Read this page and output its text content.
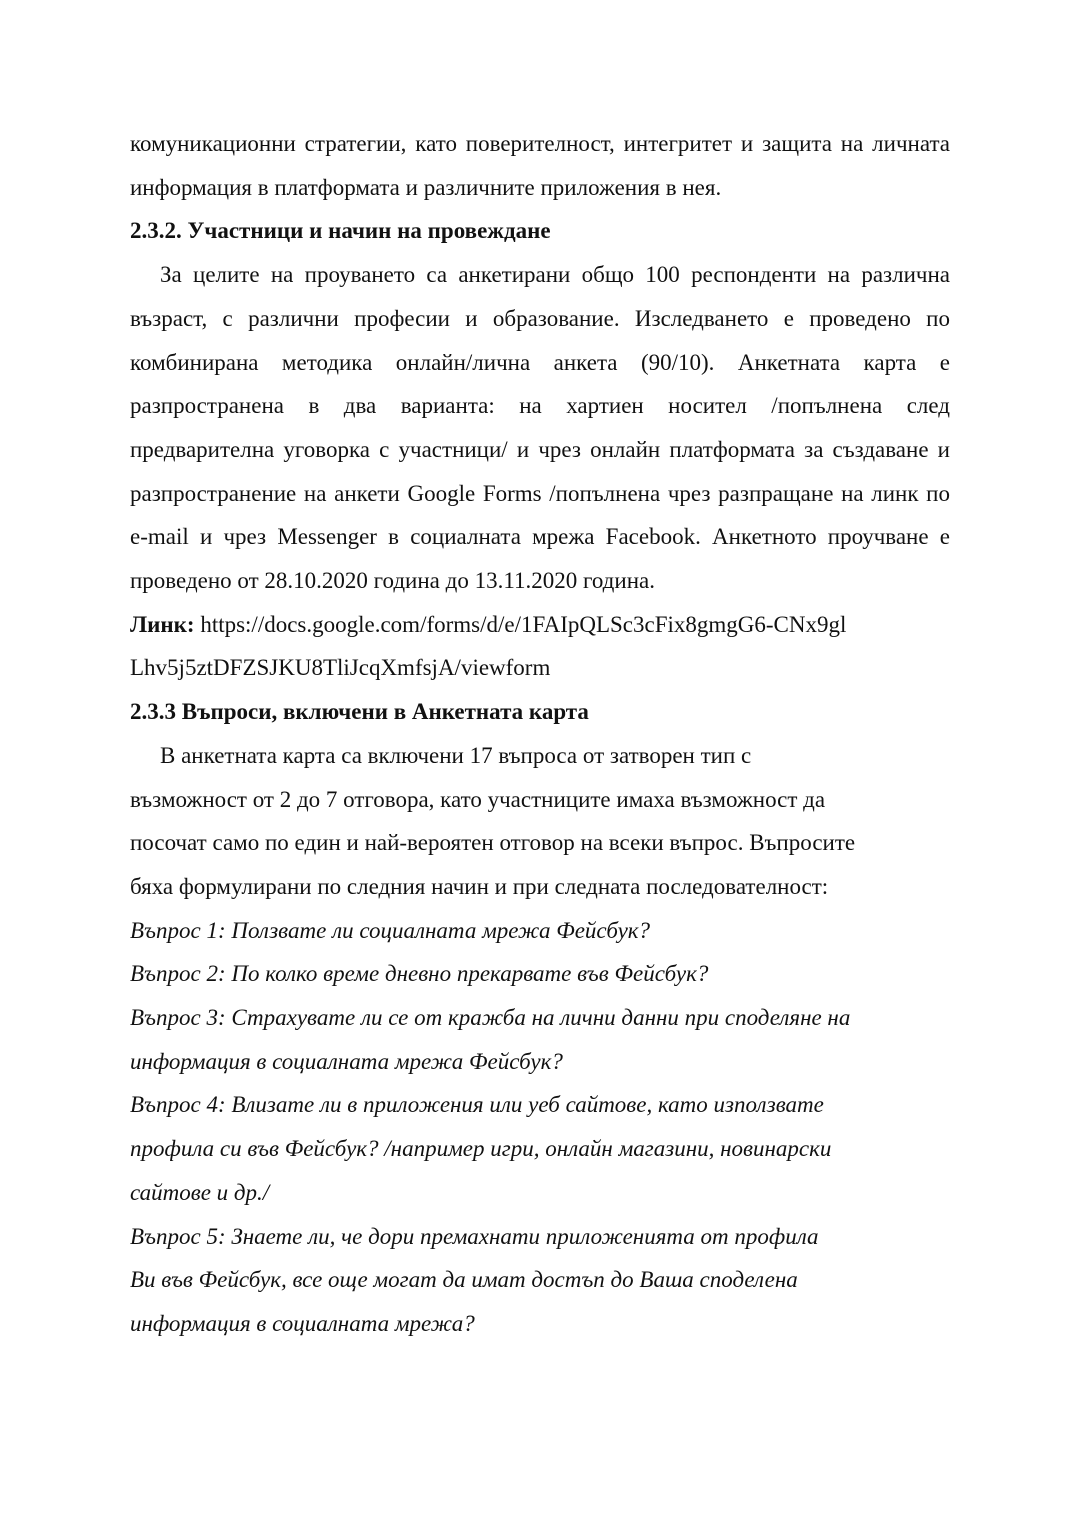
комуникационни стратегии, като поверителност, интегритет и защита на личната информация в платформата и различните приложения в нея.

2.3.2. Участници и начин на провеждане

За целите на проуването са анкетирани общо 100 респонденти на различна възраст, с различни професии и образование. Изследването е проведено по комбинирана методика онлайн/лична анкета (90/10). Анкетната карта е разпространена в два варианта: на хартиен носител /попълнена след предварителна уговорка с участници/ и чрез онлайн платформата за създаване и разпространение на анкети Google Forms /попълнена чрез разпращане на линк по e-mail и чрез Messenger в социалната мрежа Facebook. Анкетното проучване е проведено от 28.10.2020 година до 13.11.2020 година.

Линк: https://docs.google.com/forms/d/e/1FAIpQLSc3cFix8gmgG6-CNx9gl
Lhv5j5ztDFZSJKU8TliJcqXmfsjA/viewform
2.3.3 Въпроси, включени в Анкетната карта
В анкетната карта са включени 17 въпроса от затворен тип с
възможност от 2 до 7 отговора, като участниците имаха възможност да
посочат само по един и най-вероятен отговор на всеки въпрос. Въпросите
бяха формулирани по следния начин и при следната последователност:
Въпрос 1: Ползвате ли социалната мрежа Фейсбук?
Въпрос 2: По колко време дневно прекарвате във Фейсбук?
Въпрос 3: Страхувате ли се от кражба на лични данни при споделяне на
информация в социалната мрежа Фейсбук?
Въпрос 4: Влизате ли в приложения или уеб сайтове, като използвате
профила си във Фейсбук? /например игри, онлайн магазини, новинарски
сайтове и др./
Въпрос 5: Знаете ли, че дори премахнати приложенията от профила
Ви във Фейсбук, все още могат да имат достъп до Ваша споделена
информация в социалната мрежа?
